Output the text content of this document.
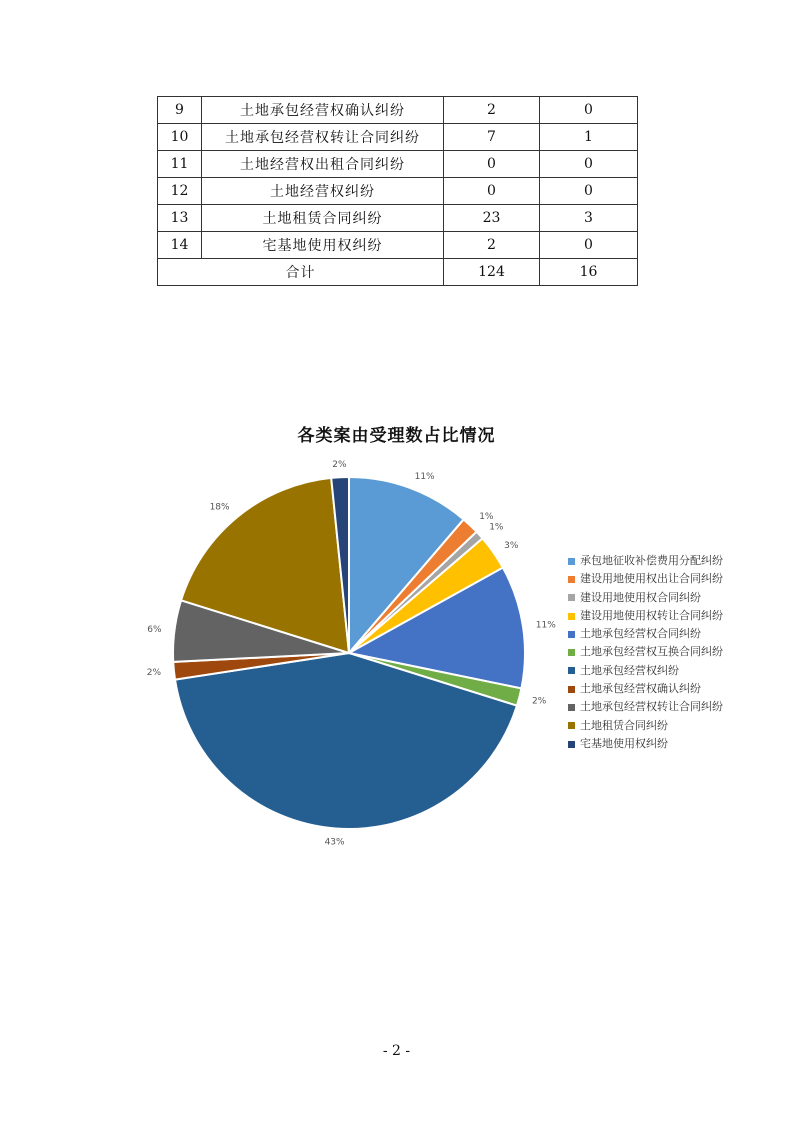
9	土地承包经营权确认纠纷	2	0
10	土地承包经营权转让合同纠纷	7	1
11	土地经营权出租合同纠纷	0	0
12	土地经营权纠纷	0	0
13	土地租赁合同纠纷	23	3
14	宅基地使用权纠纷	2	0
合计		124	16
各类案由受理数占比情况
11%
1%
1%
3%
11%
2%
43%
2%
6%
18%
2%
承包地征收补偿费用分配纠纷
建设用地使用权出让合同纠纷
建设用地使用权合同纠纷
建设用地使用权转让合同纠纷
土地承包经营权合同纠纷
土地承包经营权互换合同纠纷
土地承包经营权纠纷
土地承包经营权确认纠纷
土地承包经营权转让合同纠纷
土地租赁合同纠纷
宅基地使用权纠纷
- 2 -
